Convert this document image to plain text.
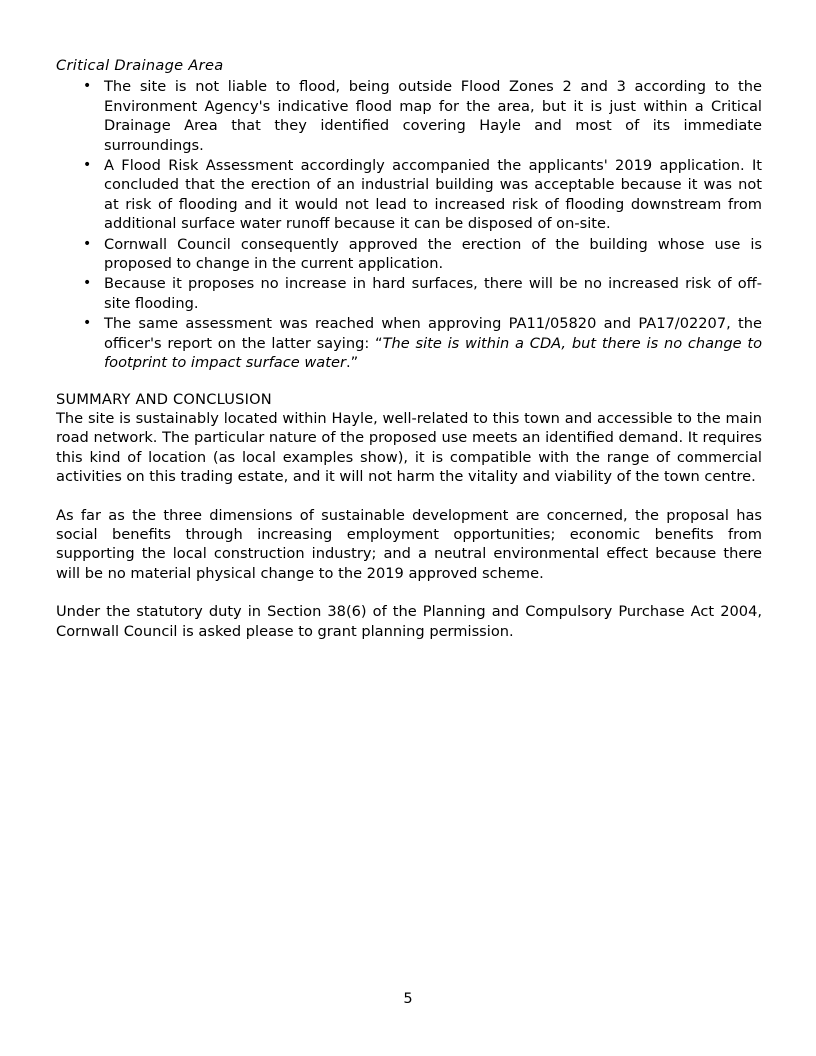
Critical Drainage Area
• The site is not liable to flood, being outside Flood Zones 2 and 3 according to the Environment Agency's indicative flood map for the area, but it is just within a Critical Drainage Area that they identified covering Hayle and most of its immediate surroundings.
• A Flood Risk Assessment accordingly accompanied the applicants' 2019 application. It concluded that the erection of an industrial building was acceptable because it was not at risk of flooding and it would not lead to increased risk of flooding downstream from additional surface water runoff because it can be disposed of on-site.
• Cornwall Council consequently approved the erection of the building whose use is proposed to change in the current application.
• Because it proposes no increase in hard surfaces, there will be no increased risk of off-site flooding.
• The same assessment was reached when approving PA11/05820 and PA17/02207, the officer's report on the latter saying: “The site is within a CDA, but there is no change to footprint to impact surface water.”
SUMMARY AND CONCLUSION

The site is sustainably located within Hayle, well-related to this town and accessible to the main road network. The particular nature of the proposed use meets an identified demand. It requires this kind of location (as local examples show), it is compatible with the range of commercial activities on this trading estate, and it will not harm the vitality and viability of the town centre.

As far as the three dimensions of sustainable development are concerned, the proposal has social benefits through increasing employment opportunities; economic benefits from supporting the local construction industry; and a neutral environmental effect because there will be no material physical change to the 2019 approved scheme.

Under the statutory duty in Section 38(6) of the Planning and Compulsory Purchase Act 2004, Cornwall Council is asked please to grant planning permission.

5
